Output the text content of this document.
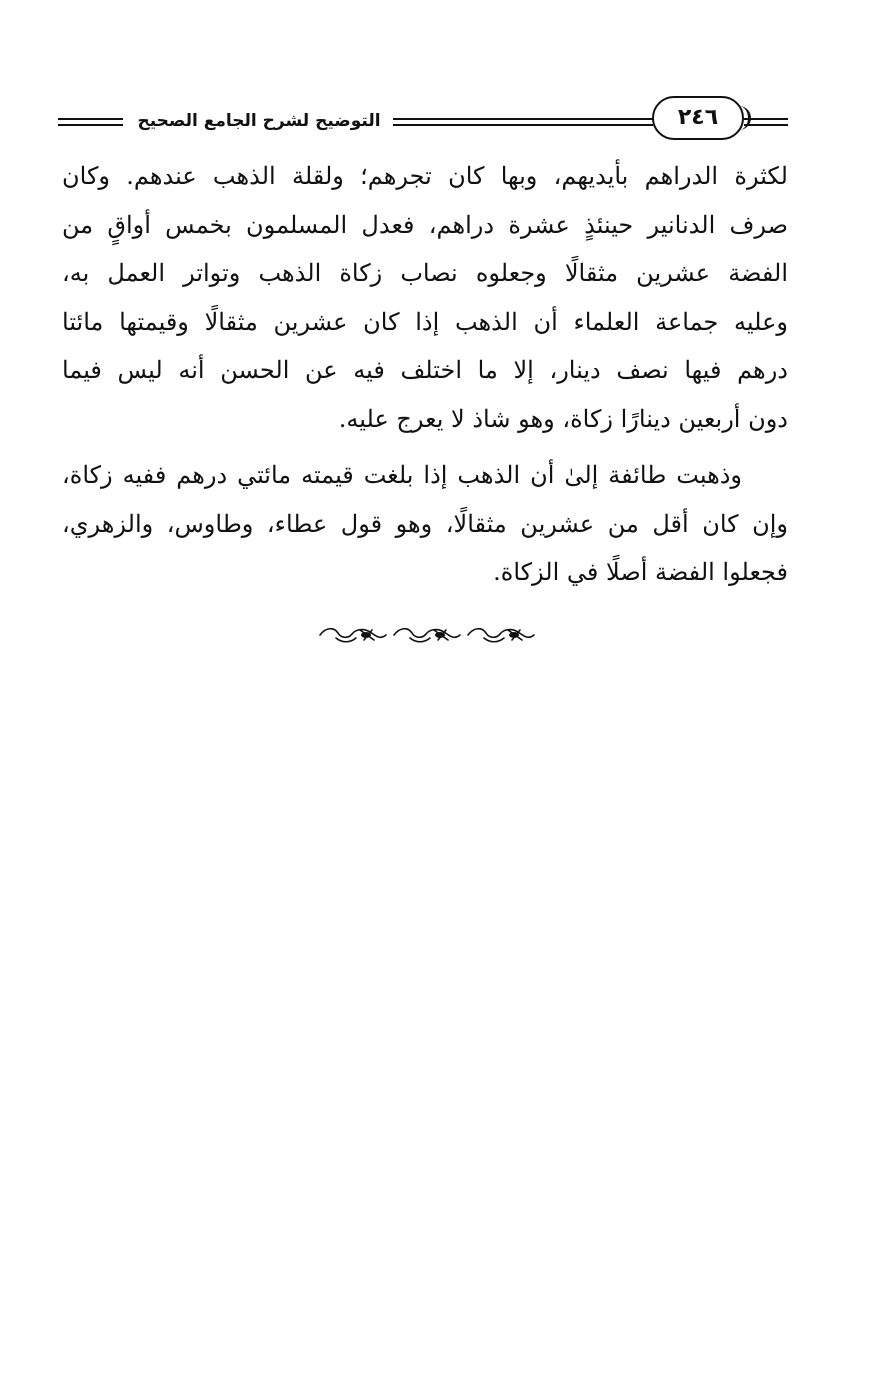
التوضيح لشرح الجامع الصحيح	٢٤٦

لكثرة الدراهم بأيديهم، وبها كان تجرهم؛ ولقلة الذهب عندهم. وكان
صرف الدنانير حينئذٍ عشرة دراهم، فعدل المسلمون بخمس أواقٍ من
الفضة عشرين مثقالًا وجعلوه نصاب زكاة الذهب وتواتر العمل به،
وعليه جماعة العلماء أن الذهب إذا كان عشرين مثقالًا وقيمتها مائتا
درهم فيها نصف دينار، إلا ما اختلف فيه عن الحسن أنه ليس فيما
دون أربعين دينارًا زكاة، وهو شاذ لا يعرج عليه.

وذهبت طائفة إلىٰ أن الذهب إذا بلغت قيمته مائتي درهم ففيه زكاة،
وإن كان أقل من عشرين مثقالًا، وهو قول عطاء، وطاوس، والزهري،
فجعلوا الفضة أصلًا في الزكاة.
